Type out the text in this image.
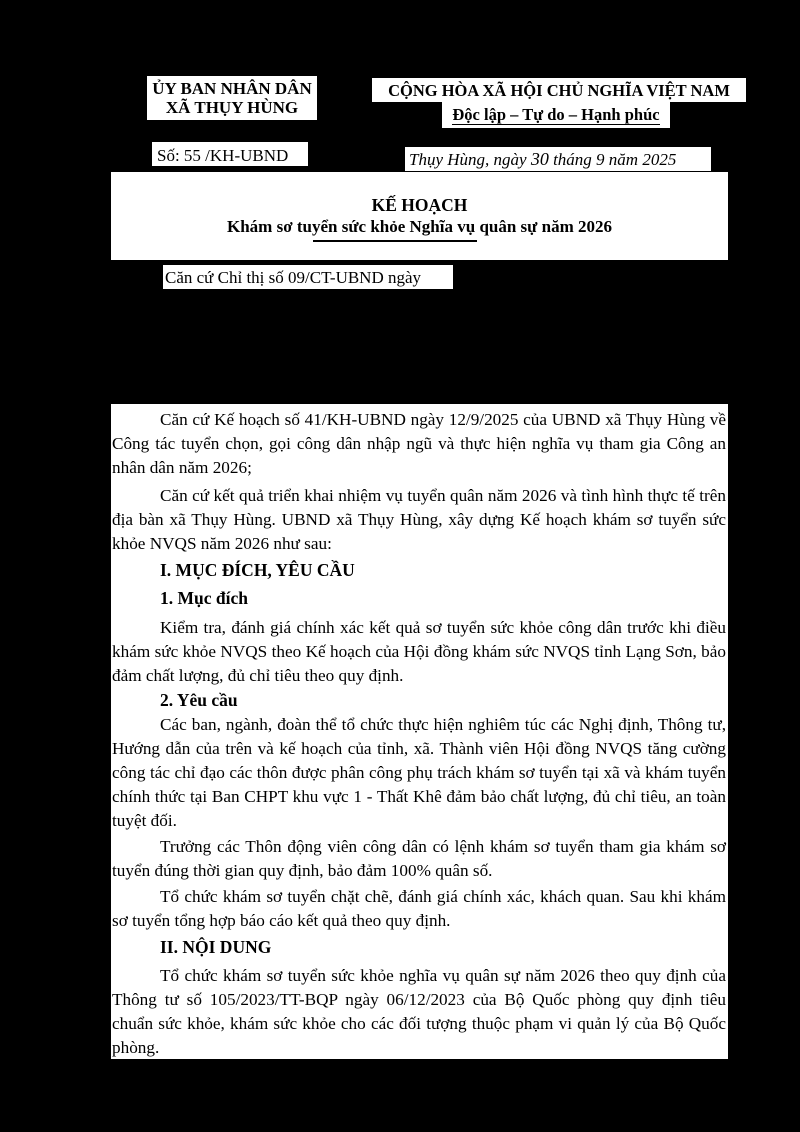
ỦY BAN NHÂN DÂN
XÃ THỤY HÙNG
Số: 55 /KH-UBND
CỘNG HÒA XÃ HỘI CHỦ NGHĨA VIỆT NAM
Độc lập – Tự do – Hạnh phúc
Thụy Hùng, ngày 30 tháng 9 năm 2025
KẾ HOẠCH
Khám sơ tuyển sức khỏe Nghĩa vụ quân sự năm 2026
Căn cứ Chỉ thị số 09/CT-UBND ngày
Căn cứ Kế hoạch số 41/KH-UBND ngày 12/9/2025 của UBND xã Thụy Hùng về Công tác tuyển chọn, gọi công dân nhập ngũ và thực hiện nghĩa vụ tham gia Công an nhân dân năm 2026;
Căn cứ kết quả triển khai nhiệm vụ tuyển quân năm 2026 và tình hình thực tế trên địa bàn xã Thụy Hùng. UBND xã Thụy Hùng, xây dựng Kế hoạch khám sơ tuyển sức khỏe NVQS năm 2026 như sau:
I. MỤC ĐÍCH, YÊU CẦU
1. Mục đích
Kiểm tra, đánh giá chính xác kết quả sơ tuyển sức khỏe công dân trước khi điều khám sức khỏe NVQS theo Kế hoạch của Hội đồng khám sức NVQS tỉnh Lạng Sơn, bảo đảm chất lượng, đủ chỉ tiêu theo quy định.
2. Yêu cầu
Các ban, ngành, đoàn thể tổ chức thực hiện nghiêm túc các Nghị định, Thông tư, Hướng dẫn của trên và kế hoạch của tỉnh, xã. Thành viên Hội đồng NVQS tăng cường công tác chỉ đạo các thôn được phân công phụ trách khám sơ tuyển tại xã và khám tuyển chính thức tại Ban CHPT khu vực 1 - Thất Khê đảm bảo chất lượng, đủ chỉ tiêu, an toàn tuyệt đối.
Trưởng các Thôn động viên công dân có lệnh khám sơ tuyển tham gia khám sơ tuyển đúng thời gian quy định, bảo đảm 100% quân số.
Tổ chức khám sơ tuyển chặt chẽ, đánh giá chính xác, khách quan. Sau khi khám sơ tuyển tổng hợp báo cáo kết quả theo quy định.
II. NỘI DUNG
Tổ chức khám sơ tuyển sức khỏe nghĩa vụ quân sự năm 2026 theo quy định của Thông tư số 105/2023/TT-BQP ngày 06/12/2023 của Bộ Quốc phòng quy định tiêu chuẩn sức khỏe, khám sức khỏe cho các đối tượng thuộc phạm vi quản lý của Bộ Quốc phòng.
